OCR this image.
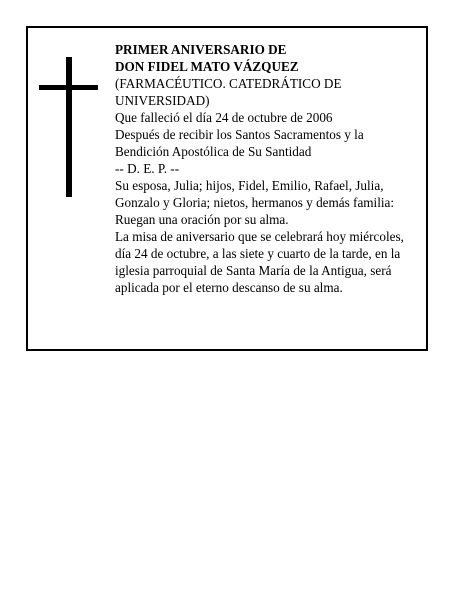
PRIMER ANIVERSARIO DE
DON FIDEL MATO VÁZQUEZ
(FARMACÉUTICO. CATEDRÁTICO DE UNIVERSIDAD)
Que falleció el día 24 de octubre de 2006
Después de recibir los Santos Sacramentos y la Bendición Apostólica de Su Santidad
-- D. E. P. --
Su esposa, Julia; hijos, Fidel, Emilio, Rafael, Julia, Gonzalo y Gloria; nietos, hermanos y demás familia:
Ruegan una oración por su alma.
La misa de aniversario que se celebrará hoy miércoles, día 24 de octubre, a las siete y cuarto de la tarde, en la iglesia parroquial de Santa María de la Antigua, será aplicada por el eterno descanso de su alma.
